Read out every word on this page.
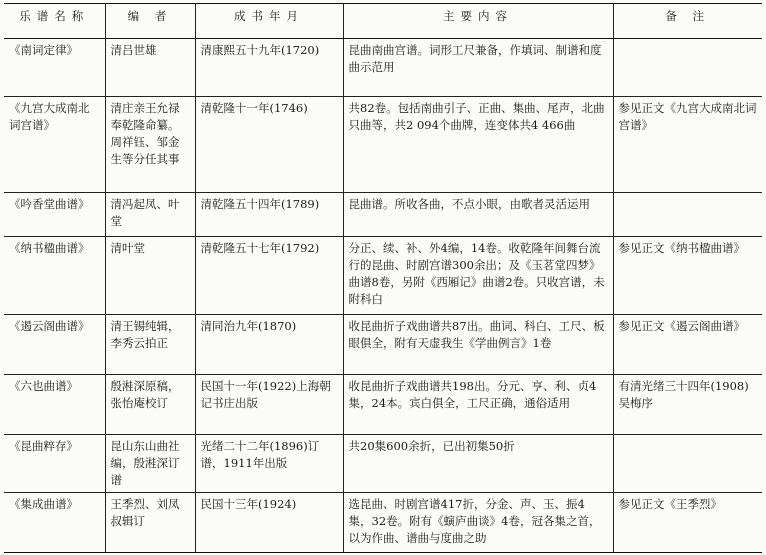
乐谱名称	编 者	成书年月	主要内容	备 注
《南词定律》	清吕世雄	清康熙五十九年(1720)	昆曲南曲宫谱。词形工尺兼备，作填词、制谱和度曲示范用	
《九宫大成南北词宫谱》	清庄亲王允禄奉乾隆命纂。周祥钰、邹金生等分任其事	清乾隆十一年(1746)	共82卷。包括南曲引子、正曲、集曲、尾声，北曲只曲等，共2 094个曲牌，连变体共4 466曲	参见正文《九宫大成南北词宫谱》
《吟香堂曲谱》	清冯起凤、叶堂	清乾隆五十四年(1789)	昆曲谱。所收各曲，不点小眼，由歌者灵活运用	
《纳书楹曲谱》	清叶堂	清乾隆五十七年(1792)	分正、续、补、外4编，14卷。收乾隆年间舞台流行的昆曲、时剧宫谱300余出；及《玉茗堂四梦》曲谱8卷，另附《西厢记》曲谱2卷。只收宫谱，未附科白	参见正文《纳书楹曲谱》
《遏云阁曲谱》	清王锡纯辑，李秀云拍正	清同治九年(1870)	收昆曲折子戏曲谱共87出。曲词、科白、工尺、板眼俱全，附有天虚我生《学曲例言》1卷	参见正文《遏云阁曲谱》
《六也曲谱》	殷溎深原稿，张怡庵校订	民国十一年(1922)上海朝记书庄出版	收昆曲折子戏曲谱共198出。分元、亨、利、贞4集，24本。宾白俱全，工尺正确，通俗适用	有清光绪三十四年(1908)吴梅序
《昆曲粹存》	昆山东山曲社编，殷溎深订谱	光绪二十二年(1896)订谱，1911年出版	共20集600余折，已出初集50折	
《集成曲谱》	王季烈、刘凤叔辑订	民国十三年(1924)	选昆曲、时剧宫谱417折，分金、声、玉、振4集，32卷。附有《螾庐曲谈》4卷，冠各集之首，以为作曲、谱曲与度曲之助	参见正文《王季烈》
